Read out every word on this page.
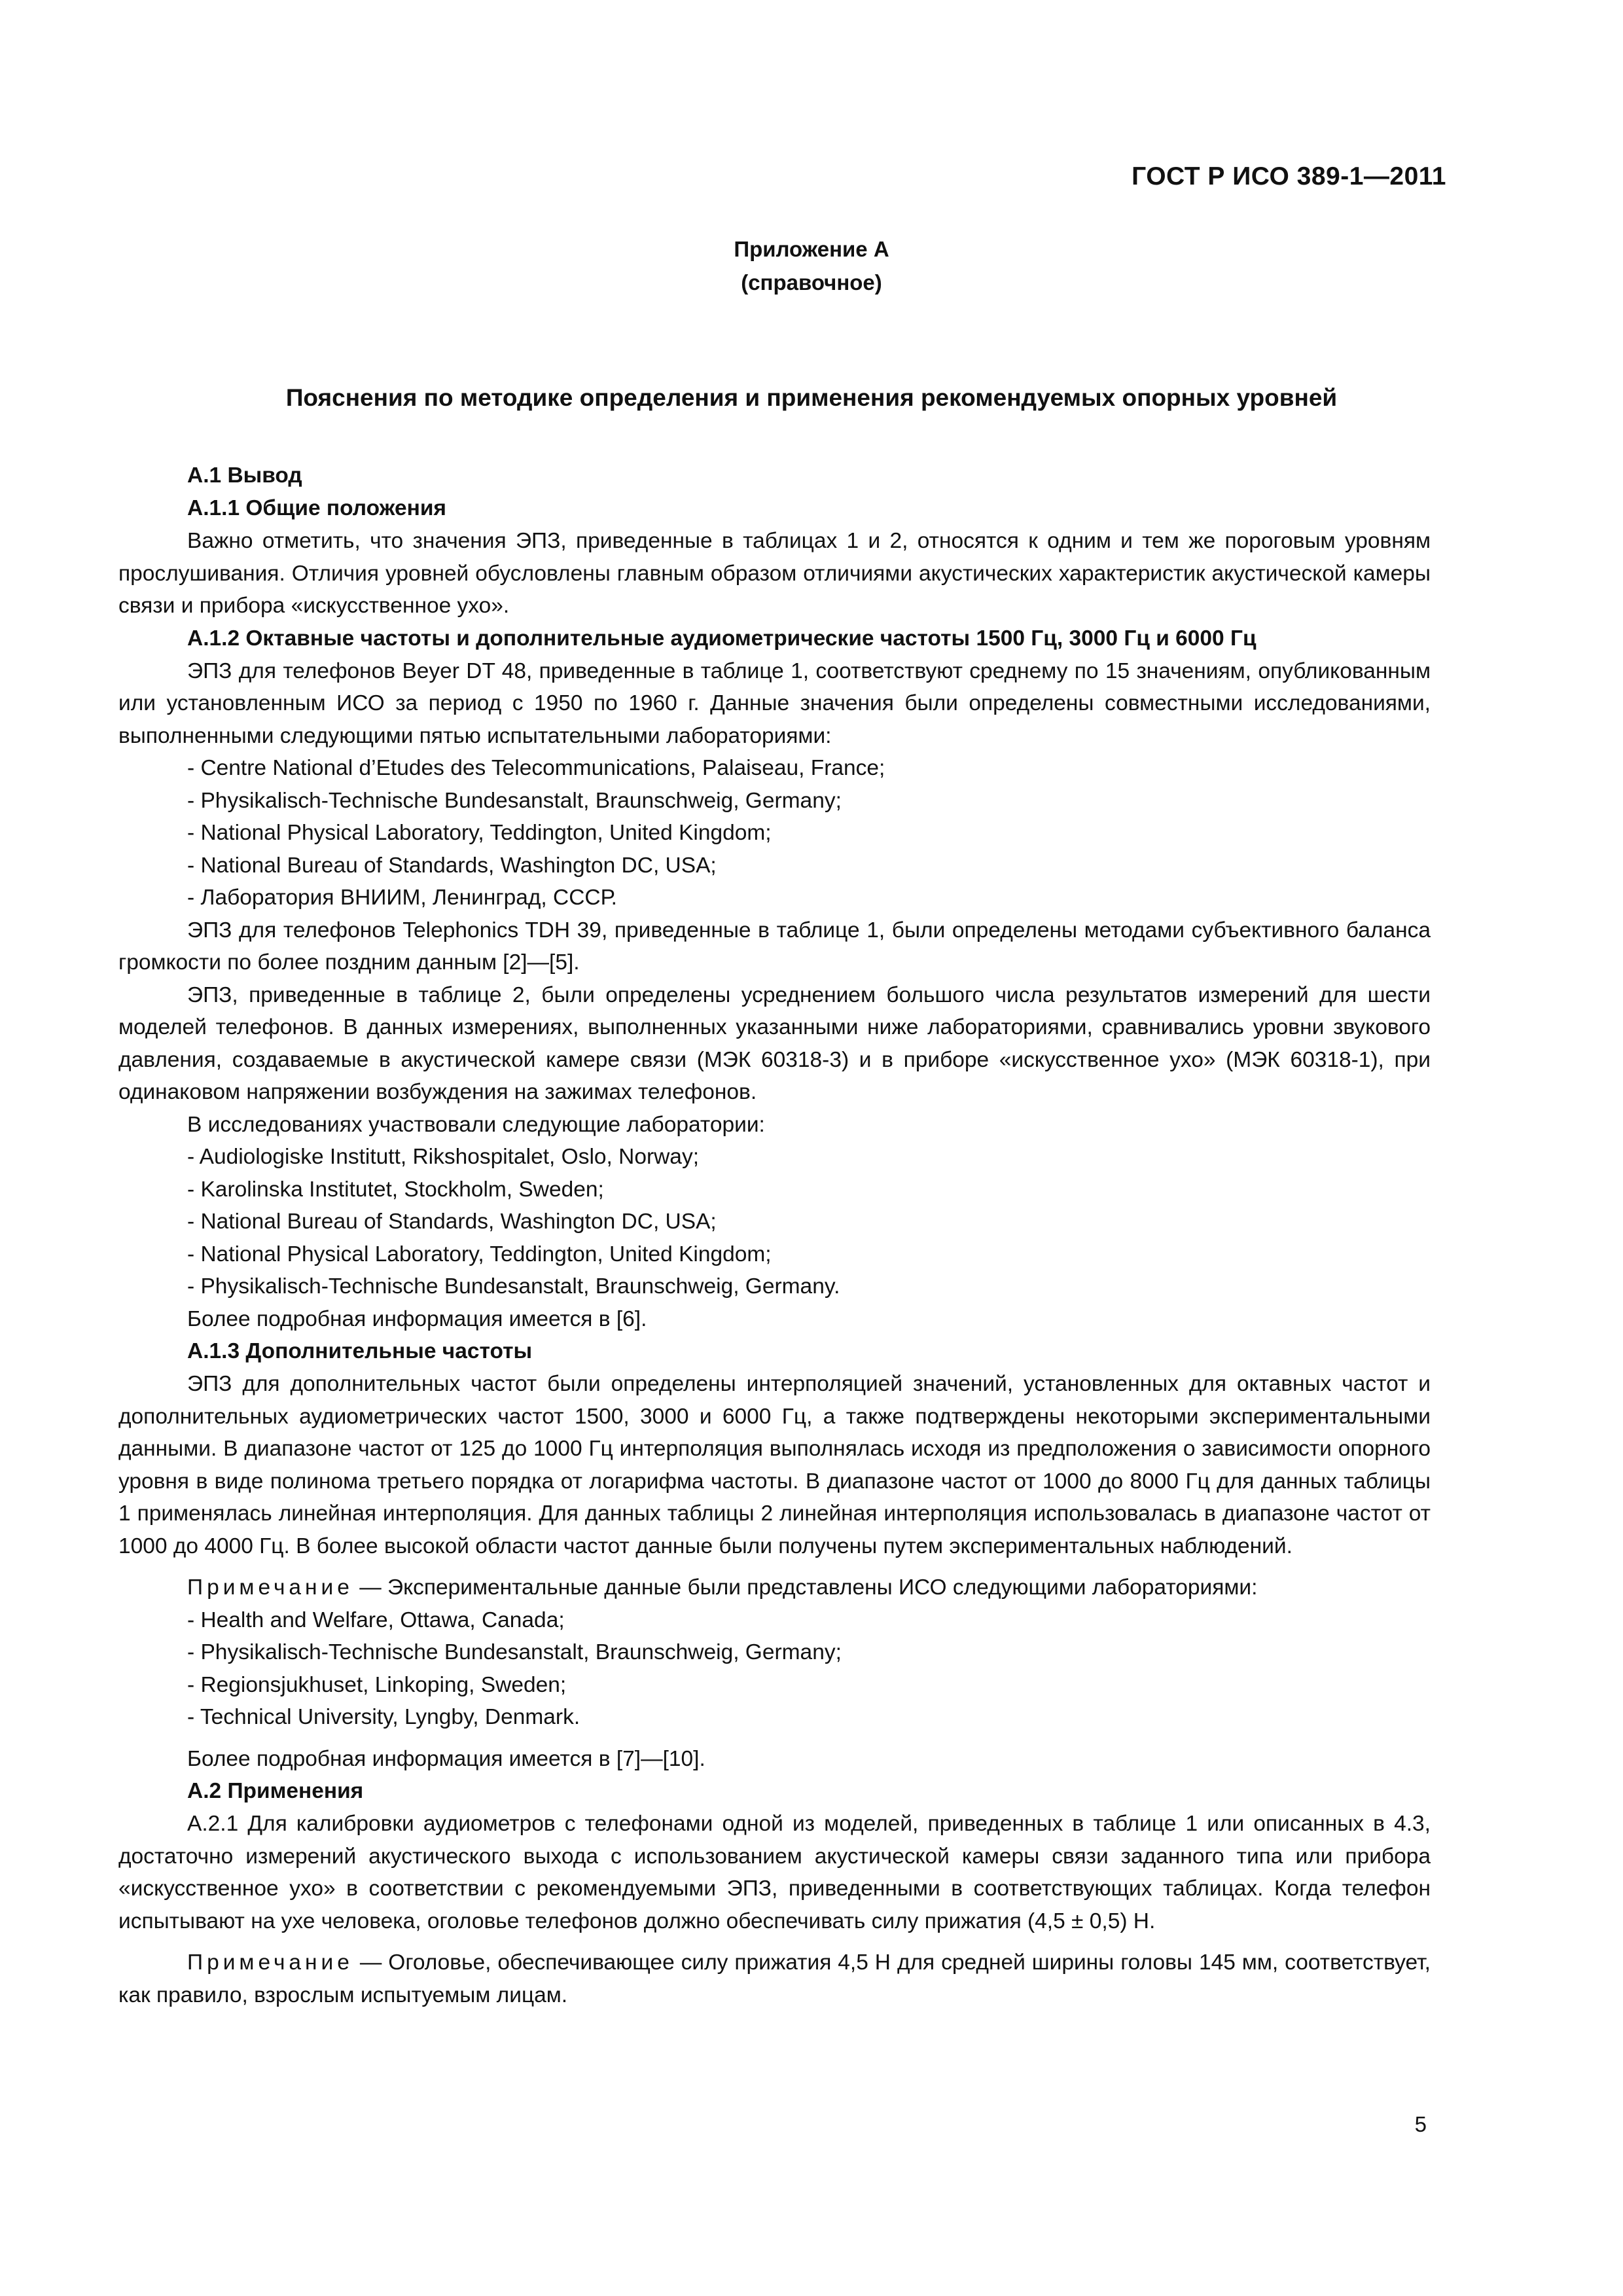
ГОСТ Р ИСО 389-1—2011
Приложение А
(справочное)
Пояснения по методике определения и применения рекомендуемых опорных уровней
А.1 Вывод
А.1.1 Общие положения

Важно отметить, что значения ЭПЗ, приведенные в таблицах 1 и 2, относятся к одним и тем же пороговым уровням прослушивания. Отличия уровней обусловлены главным образом отличиями акустических характеристик акустической камеры связи и прибора «искусственное ухо».

А.1.2 Октавные частоты и дополнительные аудиометрические частоты 1500 Гц, 3000 Гц и 6000 Гц

ЭПЗ для телефонов Beyer DT 48, приведенные в таблице 1, соответствуют среднему по 15 значениям, опубликованным или установленным ИСО за период с 1950 по 1960 г. Данные значения были определены совместными исследованиями, выполненными следующими пятью испытательными лабораториями:

- Centre National d’Etudes des Telecommunications, Palaiseau, France;
- Physikalisch-Technische Bundesanstalt, Braunschweig, Germany;
- National Physical Laboratory, Teddington, United Kingdom;
- National Bureau of Standards, Washington DC, USA;
- Лаборатория ВНИИМ, Ленинград, СССР.

ЭПЗ для телефонов Telephonics TDH 39, приведенные в таблице 1, были определены методами субъективного баланса громкости по более поздним данным [2]—[5].

ЭПЗ, приведенные в таблице 2, были определены усреднением большого числа результатов измерений для шести моделей телефонов. В данных измерениях, выполненных указанными ниже лабораториями, сравнивались уровни звукового давления, создаваемые в акустической камере связи (МЭК 60318-3) и в приборе «искусственное ухо» (МЭК 60318-1), при одинаковом напряжении возбуждения на зажимах телефонов.

В исследованиях участвовали следующие лаборатории:

- Audiologiske Institutt, Rikshospitalet, Oslo, Norway;
- Karolinska Institutet, Stockholm, Sweden;
- National Bureau of Standards, Washington DC, USA;
- National Physical Laboratory, Teddington, United Kingdom;
- Physikalisch-Technische Bundesanstalt, Braunschweig, Germany.

Более подробная информация имеется в [6].

А.1.3 Дополнительные частоты

ЭПЗ для дополнительных частот были определены интерполяцией значений, установленных для октавных частот и дополнительных аудиометрических частот 1500, 3000 и 6000 Гц, а также подтверждены некоторыми экспериментальными данными. В диапазоне частот от 125 до 1000 Гц интерполяция выполнялась исходя из предположения о зависимости опорного уровня в виде полинома третьего порядка от логарифма частоты. В диапазоне частот от 1000 до 8000 Гц для данных таблицы 1 применялась линейная интерполяция. Для данных таблицы 2 линейная интерполяция использовалась в диапазоне частот от 1000 до 4000 Гц. В более высокой области частот данные были получены путем экспериментальных наблюдений.

Примечание — Экспериментальные данные были представлены ИСО следующими лабораториями:

- Health and Welfare, Ottawa, Canada;
- Physikalisch-Technische Bundesanstalt, Braunschweig, Germany;
- Regionsjukhuset, Linkoping, Sweden;
- Technical University, Lyngby, Denmark.

Более подробная информация имеется в [7]—[10].

А.2 Применения

А.2.1 Для калибровки аудиометров с телефонами одной из моделей, приведенных в таблице 1 или описанных в 4.3, достаточно измерений акустического выхода с использованием акустической камеры связи заданного типа или прибора «искусственное ухо» в соответствии с рекомендуемыми ЭПЗ, приведенными в соответствующих таблицах. Когда телефон испытывают на ухе человека, оголовье телефонов должно обеспечивать силу прижатия (4,5 ± 0,5) Н.

Примечание — Оголовье, обеспечивающее силу прижатия 4,5 Н для средней ширины головы 145 мм, соответствует, как правило, взрослым испытуемым лицам.

5
